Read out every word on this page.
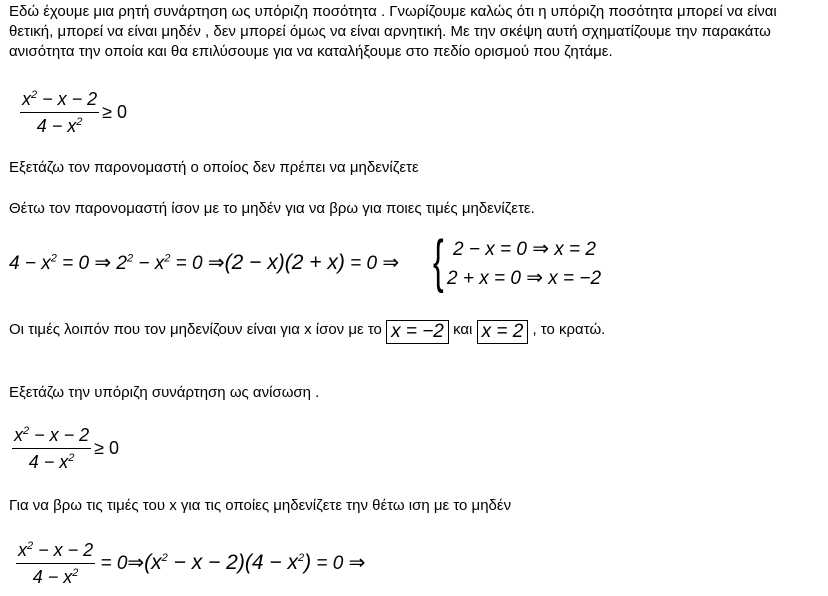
Εδώ έχουμε μια ρητή συνάρτηση ως υπόριζη ποσότητα . Γνωρίζουμε καλώς ότι η υπόριζη ποσότητα μπορεί να είναι θετική, μπορεί να είναι μηδέν , δεν μπορεί όμως να είναι αρνητική. Με την σκέψη αυτή σχηματίζουμε την παρακάτω ανισότητα την οποία και θα επιλύσουμε για να καταλήξουμε στο πεδίο ορισμού που ζητάμε.

$\frac{x^2 - x - 2}{4 - x^2} \ge 0$

Εξετάζω τον παρονομαστή ο οποίος δεν πρέπει να μηδενίζετε

Θέτω τον παρονομαστή ίσον με το μηδέν για να βρω για ποιες τιμές μηδενίζετε.

$4 - x^2 = 0$ ⇒ $2^2 - x^2 = 0$ ⇒(2 − x)(2 + x) = 0 ⇒ { 2 − x = 0 ⇒ x = 2
2 + x = 0 ⇒ x = −2
Οι τιμές λοιπόν που τον μηδενίζουν είναι για x ίσον με το x = −2 και x = 2 , το κρατώ.

Εξετάζω την υπόριζη συνάρτηση ως ανίσωση .

$\frac{x^2 - x - 2}{4 - x^2} \ge 0$

Για να βρω τις τιμές του x για τις οποίες μηδενίζετε την θέτω ιση με το μηδέν

$\frac{x^2 - x - 2}{4 - x^2}$ = $0\Rightarrow(x^2 - x - 2)(4 - x^2) = 0$ ⇒
